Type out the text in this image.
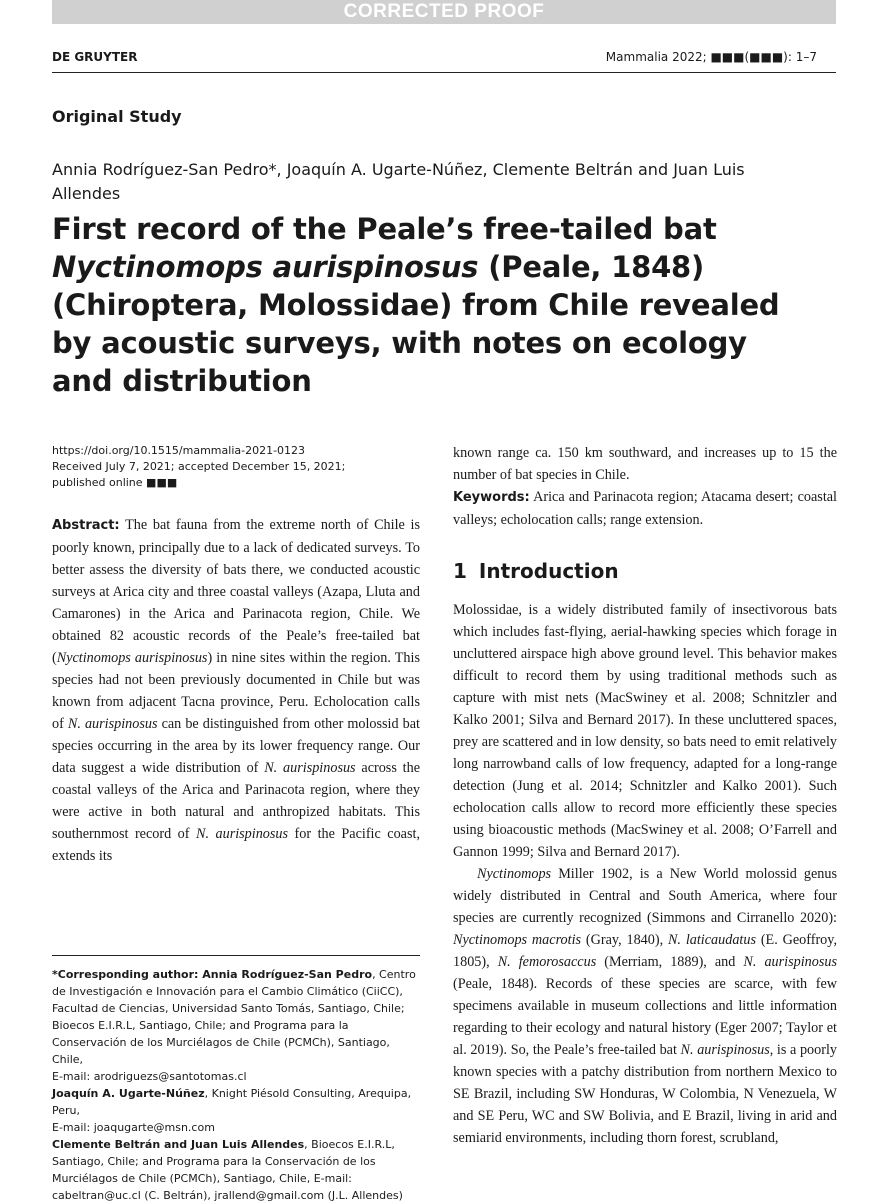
CORRECTED PROOF
DE GRUYTER	Mammalia 2022; ■■■(■■■): 1–7
Original Study
Annia Rodríguez-San Pedro*, Joaquín A. Ugarte-Núñez, Clemente Beltrán and Juan Luis Allendes
First record of the Peale’s free-tailed bat
Nyctinomops aurispinosus (Peale, 1848) (Chiroptera, Molossidae) from Chile revealed by acoustic surveys, with notes on ecology and distribution
https://doi.org/10.1515/mammalia-2021-0123
Received July 7, 2021; accepted December 15, 2021;
published online ■■■

Abstract: The bat fauna from the extreme north of Chile is poorly known, principally due to a lack of dedicated surveys. To better assess the diversity of bats there, we conducted acoustic surveys at Arica city and three coastal valleys (Azapa, Lluta and Camarones) in the Arica and Parinacota region, Chile. We obtained 82 acoustic records of the Peale’s free-tailed bat (Nyctinomops aurispinosus) in nine sites within the region. This species had not been previously documented in Chile but was known from adjacent Tacna province, Peru. Echolocation calls of N. aurispinosus can be distinguished from other molossid bat species occurring in the area by its lower frequency range. Our data suggest a wide distribution of N. aurispinosus across the coastal valleys of the Arica and Parinacota region, where they were active in both natural and anthropized habitats. This southernmost record of N. aurispinosus for the Pacific coast, extends its

*Corresponding author: Annia Rodríguez-San Pedro, Centro de Investigación e Innovación para el Cambio Climático (CiiCC), Facultad de Ciencias, Universidad Santo Tomás, Santiago, Chile; Bioecos E.I.R.L, Santiago, Chile; and Programa para la Conservación de los Murciélagos de Chile (PCMCh), Santiago, Chile,

E-mail: arodriguezs@santotomas.cl

Joaquín A. Ugarte-Núñez, Knight Piésold Consulting, Arequipa, Peru,

E-mail: joaqugarte@msn.com

Clemente Beltrán and Juan Luis Allendes, Bioecos E.I.R.L, Santiago, Chile; and Programa para la Conservación de los Murciélagos de Chile (PCMCh), Santiago, Chile, E-mail: cabeltran@uc.cl (C. Beltrán), jrallend@gmail.com (J.L. Allendes)

known range ca. 150 km southward, and increases up to 15 the number of bat species in Chile.

Keywords: Arica and Parinacota region; Atacama desert; coastal valleys; echolocation calls; range extension.

1 Introduction

Molossidae, is a widely distributed family of insectivorous bats which includes fast-flying, aerial-hawking species which forage in uncluttered airspace high above ground level. This behavior makes difficult to record them by using traditional methods such as capture with mist nets (MacSwiney et al. 2008; Schnitzler and Kalko 2001; Silva and Bernard 2017). In these uncluttered spaces, prey are scattered and in low density, so bats need to emit relatively long narrowband calls of low frequency, adapted for a long-range detection (Jung et al. 2014; Schnitzler and Kalko 2001). Such echolocation calls allow to record more efficiently these species using bioacoustic methods (MacSwiney et al. 2008; O’Farrell and Gannon 1999; Silva and Bernard 2017).

Nyctinomops Miller 1902, is a New World molossid genus widely distributed in Central and South America, where four species are currently recognized (Simmons and Cirranello 2020): Nyctinomops macrotis (Gray, 1840), N. laticaudatus (E. Geoffroy, 1805), N. femorosaccus (Merriam, 1889), and N. aurispinosus (Peale, 1848). Records of these species are scarce, with few specimens available in museum collections and little information regarding to their ecology and natural history (Eger 2007; Taylor et al. 2019). So, the Peale’s free-tailed bat N. aurispinosus, is a poorly known species with a patchy distribution from northern Mexico to SE Brazil, including SW Honduras, W Colombia, N Venezuela, W and SE Peru, WC and SW Bolivia, and E Brazil, living in arid and semiarid environments, including thorn forest, scrubland,
